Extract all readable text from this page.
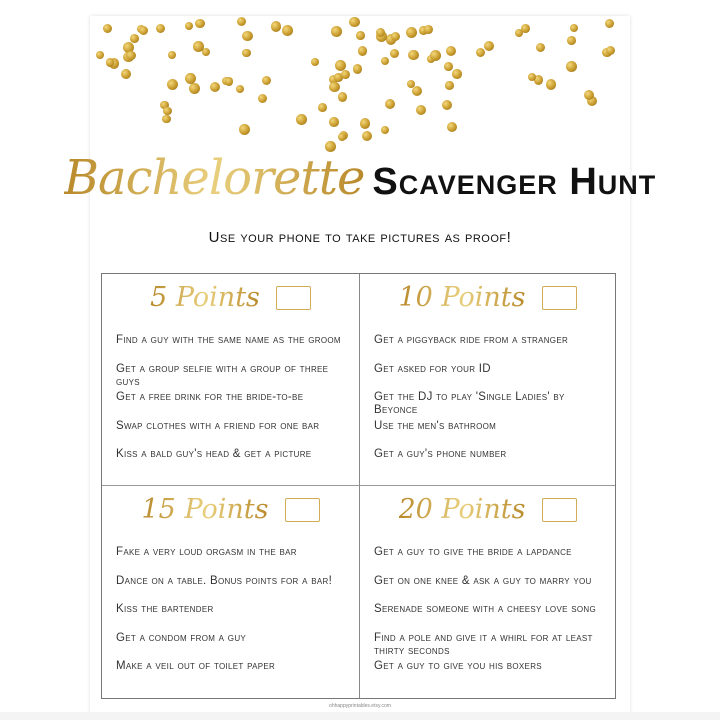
Bachelorette Scavenger Hunt
Use your phone to take pictures as proof!
5 Points
Find a guy with the same name as the groom
Get a group selfie with a group of three guys
Get a free drink for the bride-to-be
Swap clothes with a friend for one bar
Kiss a bald guy's head & get a picture
10 Points
Get a piggyback ride from a stranger
Get asked for your ID
Get the DJ to play 'Single Ladies' by Beyonce
Use the men's bathroom
Get a guy's phone number
15 Points
Fake a very loud orgasm in the bar
Dance on a table. Bonus points for a bar!
Kiss the bartender
Get a condom from a guy
Make a veil out of toilet paper
20 Points
Get a guy to give the bride a lapdance
Get on one knee & ask a guy to marry you
Serenade someone with a cheesy love song
Find a pole and give it a whirl for at least thirty seconds
Get a guy to give you his boxers
ohhappyprintables.etsy.com
